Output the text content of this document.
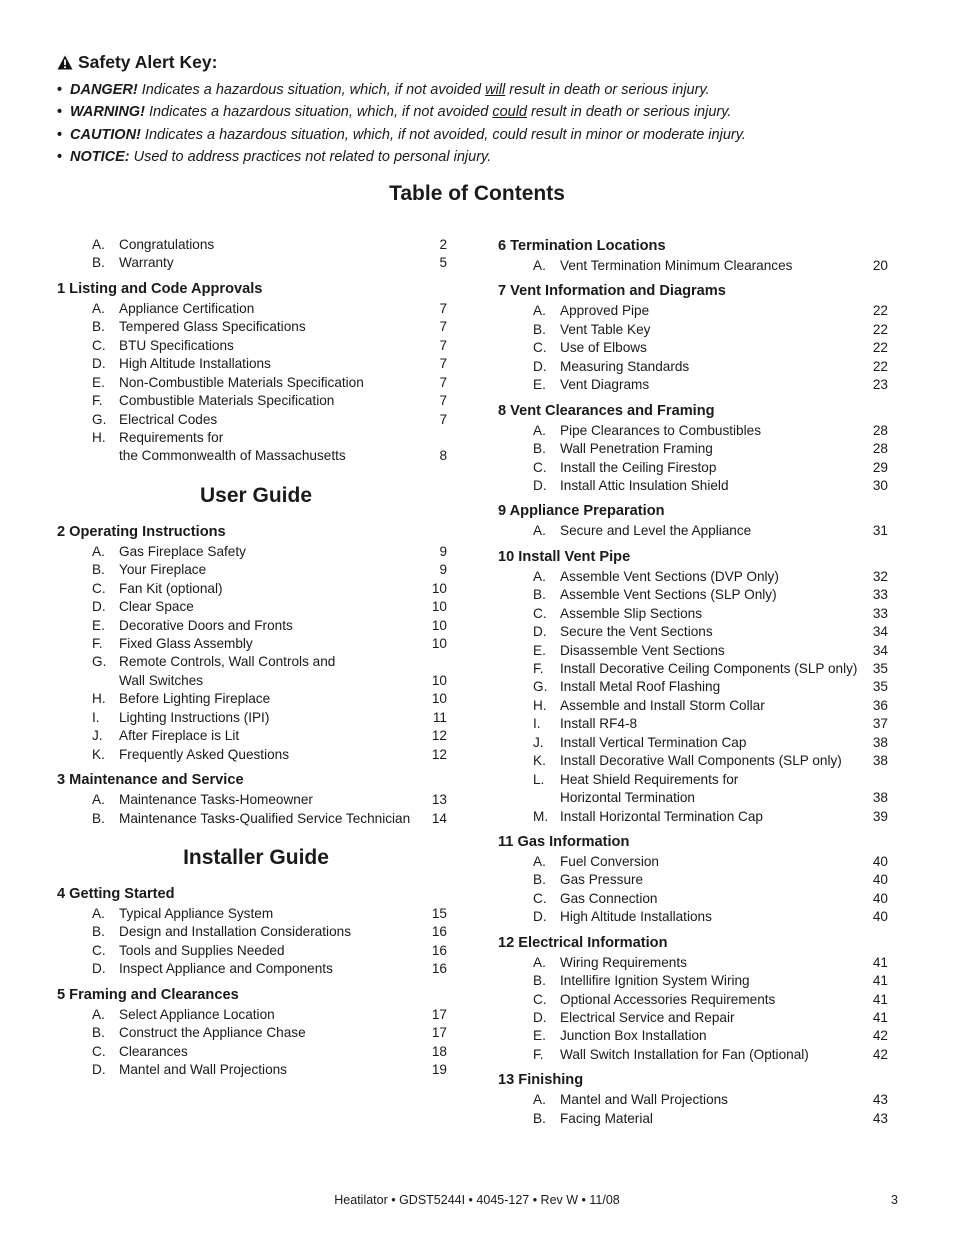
Safety Alert Key:
• DANGER! Indicates a hazardous situation, which, if not avoided will result in death or serious injury.
• WARNING! Indicates a hazardous situation, which, if not avoided could result in death or serious injury.
• CAUTION! Indicates a hazardous situation, which, if not avoided, could result in minor or moderate injury.
• NOTICE: Used to address practices not related to personal injury.
Table of Contents
A. Congratulations	2
B. Warranty	5
1 Listing and Code Approvals
A. Appliance Certification	7
B. Tempered Glass Specifications	7
C. BTU Specifications	7
D. High Altitude Installations	7
E. Non-Combustible Materials Specification	7
F. Combustible Materials Specification	7
G. Electrical Codes	7
H. Requirements for
the Commonwealth of Massachusetts	8
User Guide
2 Operating Instructions
A. Gas Fireplace Safety	9
B. Your Fireplace	9
C. Fan Kit (optional)	10
D. Clear Space	10
E. Decorative Doors and Fronts	10
F. Fixed Glass Assembly	10
G. Remote Controls, Wall Controls and
Wall Switches	10
H. Before Lighting Fireplace	10
I. Lighting Instructions (IPI)	11
J. After Fireplace is Lit	12
K. Frequently Asked Questions	12
3 Maintenance and Service
A. Maintenance Tasks-Homeowner	13
B. Maintenance Tasks-Qualified Service Technician 14
Installer Guide
4 Getting Started
A. Typical Appliance System	15
B. Design and Installation Considerations	16
C. Tools and Supplies Needed	16
D. Inspect Appliance and Components	16
5 Framing and Clearances
A. Select Appliance Location	17
B. Construct the Appliance Chase	17
C. Clearances	18
D. Mantel and Wall Projections	19
6 Termination Locations
A. Vent Termination Minimum Clearances	20
7 Vent Information and Diagrams
A. Approved Pipe	22
B. Vent Table Key	22
C. Use of Elbows	22
D. Measuring Standards	22
E. Vent Diagrams	23
8 Vent Clearances and Framing
A. Pipe Clearances to Combustibles	28
B. Wall Penetration Framing	28
C. Install the Ceiling Firestop	29
D. Install Attic Insulation Shield	30
9 Appliance Preparation
A. Secure and Level the Appliance	31
10 Install Vent Pipe
A. Assemble Vent Sections (DVP Only)	32
B. Assemble Vent Sections (SLP Only)	33
C. Assemble Slip Sections	33
D. Secure the Vent Sections	34
E. Disassemble Vent Sections	34
F. Install Decorative Ceiling Components (SLP only) 35
G. Install Metal Roof Flashing	35
H. Assemble and Install Storm Collar	36
I. Install RF4-8	37
J. Install Vertical Termination Cap	38
K. Install Decorative Wall Components (SLP only) 38
L. Heat Shield Requirements for
Horizontal Termination	38
M. Install Horizontal Termination Cap	39
11 Gas Information
A. Fuel Conversion	40
B. Gas Pressure	40
C. Gas Connection	40
D. High Altitude Installations	40
12 Electrical Information
A. Wiring Requirements	41
B. Intellifire Ignition System Wiring	41
C. Optional Accessories Requirements	41
D. Electrical Service and Repair	41
E. Junction Box Installation	42
F. Wall Switch Installation for Fan (Optional)	42
13 Finishing
A. Mantel and Wall Projections	43
B. Facing Material	43
Heatilator • GDST5244I • 4045-127 • Rev W • 11/08	3
